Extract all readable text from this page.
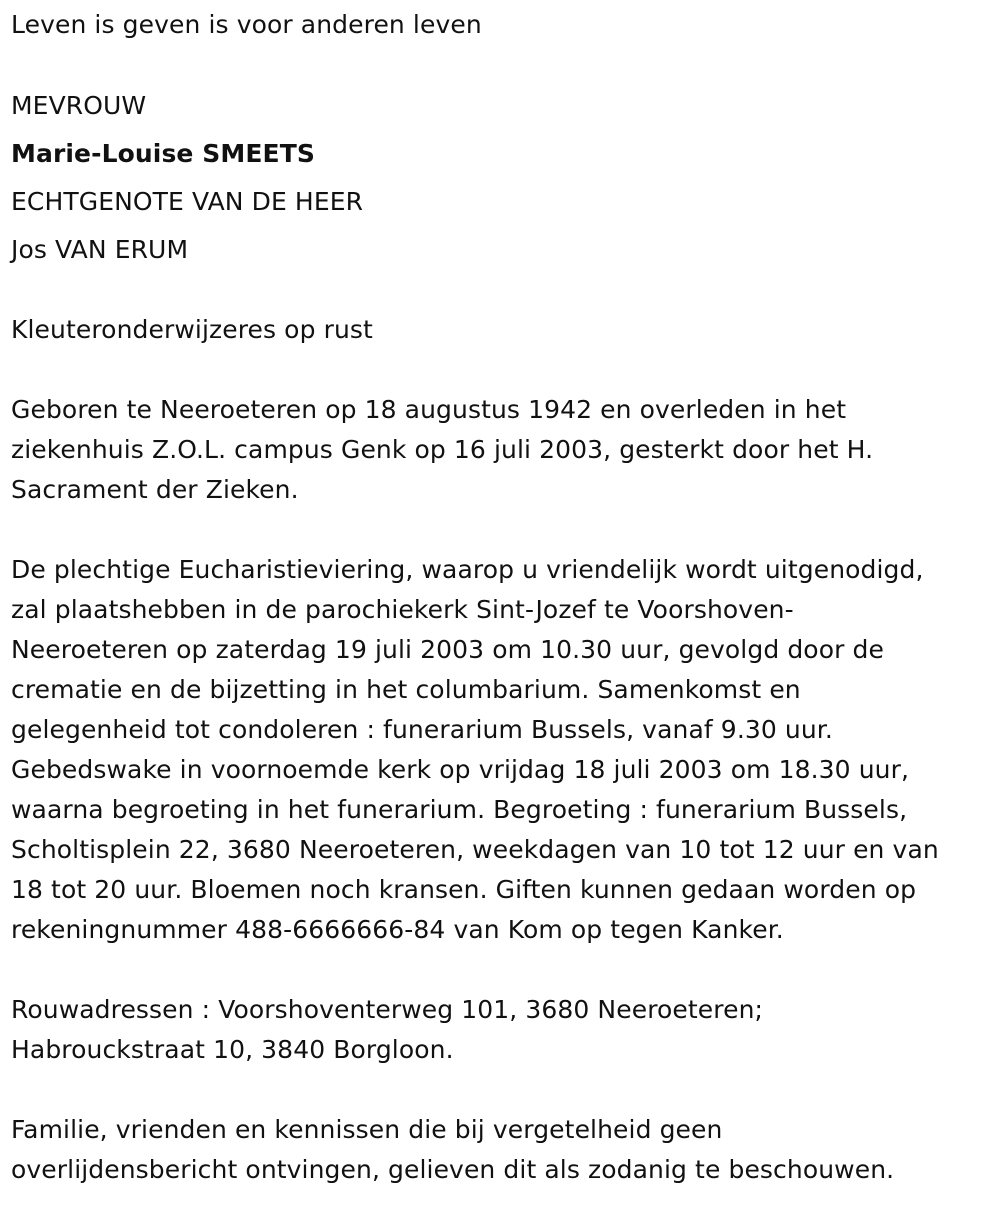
Leven is geven is voor anderen leven

MEVROUW

Marie-Louise SMEETS

ECHTGENOTE VAN DE HEER

Jos VAN ERUM

Kleuteronderwijzeres op rust

Geboren te Neeroeteren op 18 augustus 1942 en overleden in het

ziekenhuis Z.O.L. campus Genk op 16 juli 2003, gesterkt door het H.

Sacrament der Zieken.

De plechtige Eucharistieviering, waarop u vriendelijk wordt uitgenodigd,

zal plaatshebben in de parochiekerk Sint-Jozef te Voorshoven-

Neeroeteren op zaterdag 19 juli 2003 om 10.30 uur, gevolgd door de

crematie en de bijzetting in het columbarium. Samenkomst en

gelegenheid tot condoleren : funerarium Bussels, vanaf 9.30 uur.

Gebedswake in voornoemde kerk op vrijdag 18 juli 2003 om 18.30 uur,

waarna begroeting in het funerarium. Begroeting : funerarium Bussels,

Scholtisplein 22, 3680 Neeroeteren, weekdagen van 10 tot 12 uur en van

18 tot 20 uur. Bloemen noch kransen. Giften kunnen gedaan worden op

rekeningnummer 488-6666666-84 van Kom op tegen Kanker.

Rouwadressen : Voorshoventerweg 101, 3680 Neeroeteren;

Habrouckstraat 10, 3840 Borgloon.

Familie, vrienden en kennissen die bij vergetelheid geen

overlijdensbericht ontvingen, gelieven dit als zodanig te beschouwen.
